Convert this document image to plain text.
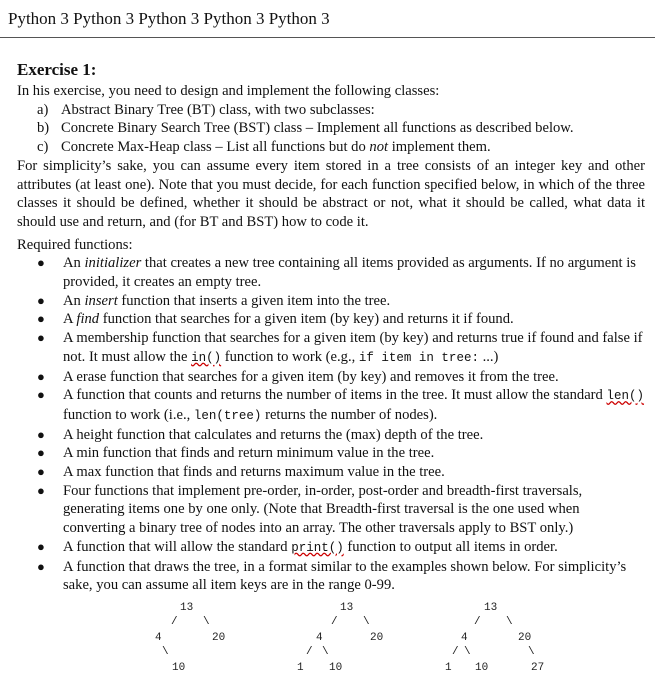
Python 3 Python 3 Python 3 Python 3 Python 3
Exercise 1:

In his exercise, you need to design and implement the following classes:

a) Abstract Binary Tree (BT) class, with two subclasses:
b) Concrete Binary Search Tree (BST) class – Implement all functions as described below.
c) Concrete Max-Heap class – List all functions but do not implement them.

For simplicity’s sake, you can assume every item stored in a tree consists of an integer key and other attributes (at least one). Note that you must decide, for each function specified below, in which of the three classes it should be defined, whether it should be abstract or not, what it should be called, what data it should use and return, and (for BT and BST) how to code it.

Required functions:
●	An initializer that creates a new tree containing all items provided as arguments. If no argument is provided, it creates an empty tree.
●	An insert function that inserts a given item into the tree.
●	A find function that searches for a given item (by key) and returns it if found.
●	A membership function that searches for a given item (by key) and returns true if found and false if not. It must allow the in() function to work (e.g., if item in tree: ...)
●	A erase function that searches for a given item (by key) and removes it from the tree.
●	A function that counts and returns the number of items in the tree. It must allow the standard len() function to work (i.e., len(tree) returns the number of nodes).
●	A height function that calculates and returns the (max) depth of the tree.
●	A min function that finds and return minimum value in the tree.
●	A max function that finds and returns maximum value in the tree.
●	Four functions that implement pre-order, in-order, post-order and breadth-first traversals, generating items one by one only. (Note that Breadth-first traversal is the one used when converting a binary tree of nodes into an array. The other traversals apply to BST only.)
●	A function that will allow the standard print() function to output all items in order.
●	A function that draws the tree, in a format similar to the examples shown below. For simplicity’s sake, you can assume all item keys are in the range 0-99.
13
/ \
4	20
\
10
13
/ \
4	20
/ \
1 10
13
/ \
4	20
/ \	\
1 10	27
